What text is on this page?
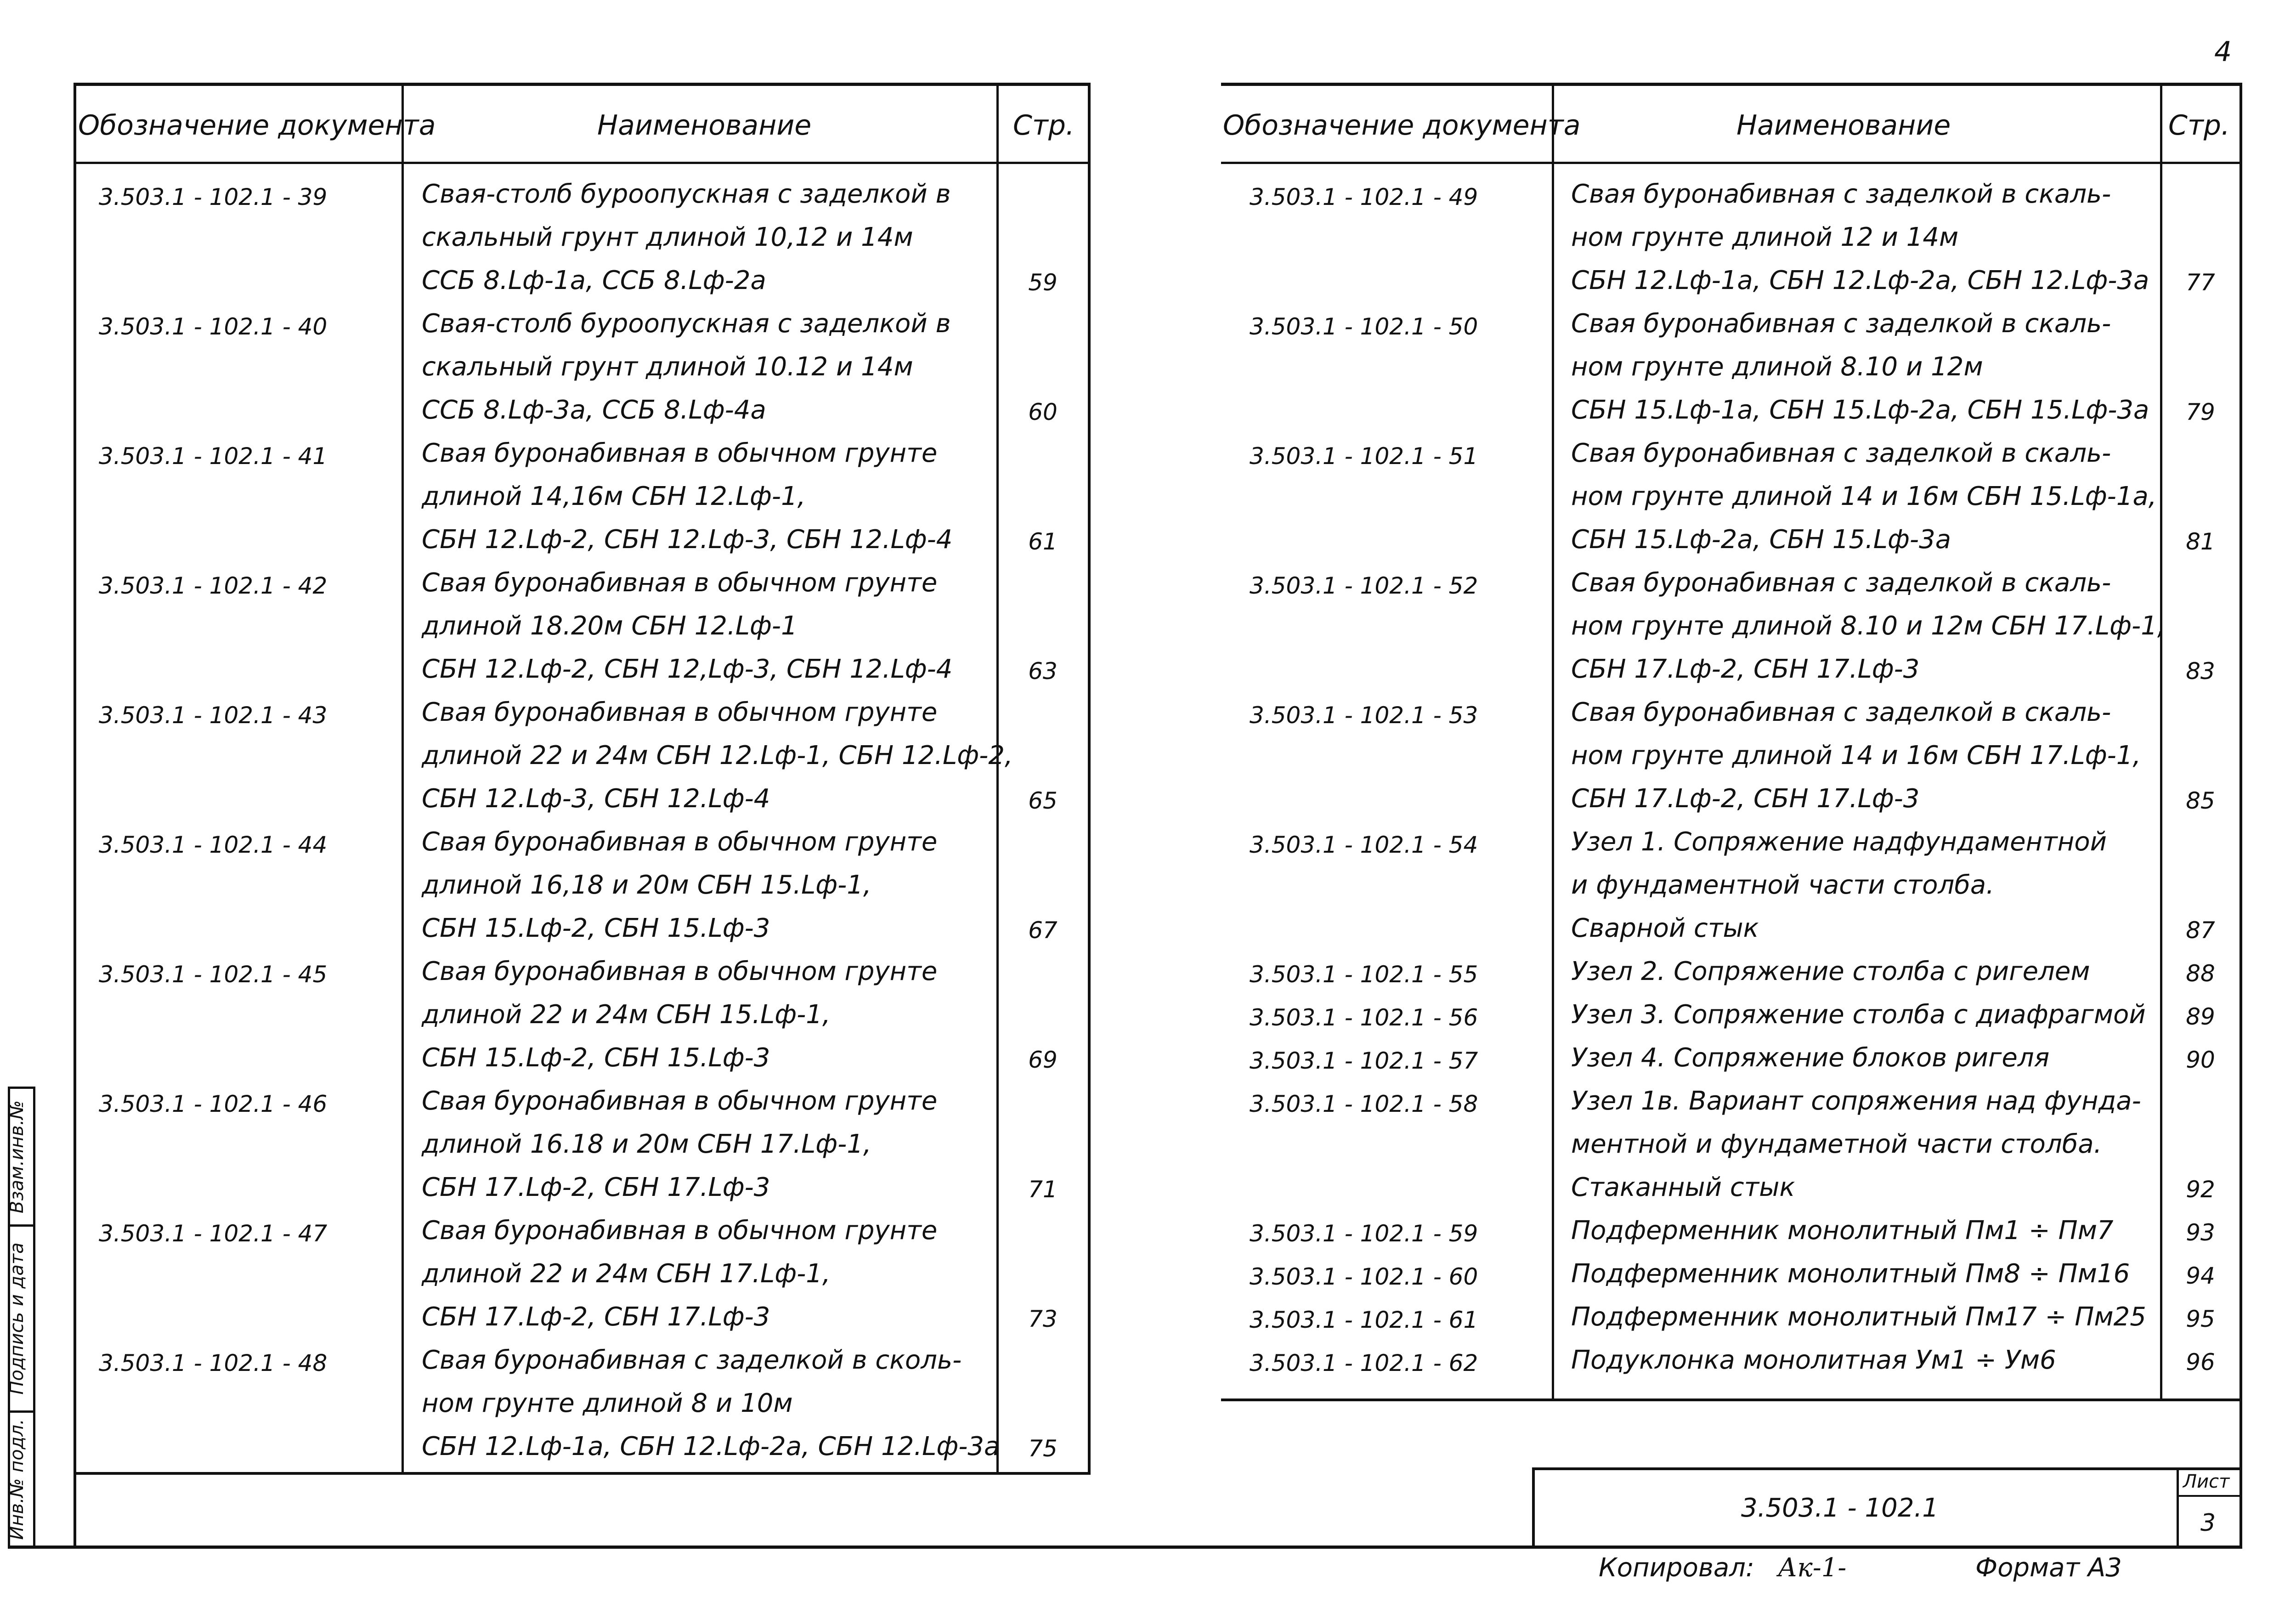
4
Обозначение документа	Наименование	Стр.
3.503.1 - 102.1 - 39	Свая-столб буроопускная с заделкой в
скальный грунт длиной 10,12 и 14м
ССБ 8.Lф-1а, ССБ 8.Lф-2а	59
3.503.1 - 102.1 - 40	Свая-столб буроопускная с заделкой в
скальный грунт длиной 10.12 и 14м
ССБ 8.Lф-3а, ССБ 8.Lф-4а	60
3.503.1 - 102.1 - 41	Свая буронабивная в обычном грунте
длиной 14,16м СБН 12.Lф-1,
СБН 12.Lф-2, СБН 12.Lф-3, СБН 12.Lф-4	61
3.503.1 - 102.1 - 42	Свая буронабивная в обычном грунте
длиной 18.20м СБН 12.Lф-1
СБН 12.Lф-2, СБН 12,Lф-3, СБН 12.Lф-4	63
3.503.1 - 102.1 - 43	Свая буронабивная в обычном грунте
длиной 22 и 24м СБН 12.Lф-1, СБН 12.Lф-2,
СБН 12.Lф-3, СБН 12.Lф-4	65
3.503.1 - 102.1 - 44	Свая буронабивная в обычном грунте
длиной 16,18 и 20м СБН 15.Lф-1,
СБН 15.Lф-2, СБН 15.Lф-3	67
3.503.1 - 102.1 - 45	Свая буронабивная в обычном грунте
длиной 22 и 24м СБН 15.Lф-1,
СБН 15.Lф-2, СБН 15.Lф-3	69
3.503.1 - 102.1 - 46	Свая буронабивная в обычном грунте
длиной 16.18 и 20м СБН 17.Lф-1,
СБН 17.Lф-2, СБН 17.Lф-3	71
3.503.1 - 102.1 - 47	Свая буронабивная в обычном грунте
длиной 22 и 24м СБН 17.Lф-1,
СБН 17.Lф-2, СБН 17.Lф-3	73
3.503.1 - 102.1 - 48	Свая буронабивная с заделкой в сколь-
ном грунте длиной 8 и 10м
СБН 12.Lф-1а, СБН 12.Lф-2а, СБН 12.Lф-3а	75
Обозначение документа	Наименование	Стр.
3.503.1 - 102.1 - 49	Свая буронабивная с заделкой в скаль-
ном грунте длиной 12 и 14м
СБН 12.Lф-1а, СБН 12.Lф-2а, СБН 12.Lф-3а	77
3.503.1 - 102.1 - 50	Свая буронабивная с заделкой в скаль-
ном грунте длиной 8.10 и 12м
СБН 15.Lф-1а, СБН 15.Lф-2а, СБН 15.Lф-3а	79
3.503.1 - 102.1 - 51	Свая буронабивная с заделкой в скаль-
ном грунте длиной 14 и 16м СБН 15.Lф-1а,
СБН 15.Lф-2а, СБН 15.Lф-3а	81
3.503.1 - 102.1 - 52	Свая буронабивная с заделкой в скаль-
ном грунте длиной 8.10 и 12м СБН 17.Lф-1,
СБН 17.Lф-2, СБН 17.Lф-3	83
3.503.1 - 102.1 - 53	Свая буронабивная с заделкой в скаль-
ном грунте длиной 14 и 16м СБН 17.Lф-1,
СБН 17.Lф-2, СБН 17.Lф-3	85
3.503.1 - 102.1 - 54	Узел 1. Сопряжение надфундаментной
и фундаментной части столба.
Сварной стык	87
3.503.1 - 102.1 - 55	Узел 2. Сопряжение столба с ригелем	88
3.503.1 - 102.1 - 56	Узел 3. Сопряжение столба с диафрагмой	89
3.503.1 - 102.1 - 57	Узел 4. Сопряжение блоков ригеля	90
3.503.1 - 102.1 - 58	Узел 1в. Вариант сопряжения над фунда-
ментной и фундаметной части столба.
Стаканный стык	92
3.503.1 - 102.1 - 59	Подферменник монолитный Пм1 ÷ Пм7	93
3.503.1 - 102.1 - 60	Подферменник монолитный Пм8 ÷ Пм16	94
3.503.1 - 102.1 - 61	Подферменник монолитный Пм17 ÷ Пм25	95
3.503.1 - 102.1 - 62	Подуклонка монолитная Ум1 ÷ Ум6	96
3.503.1 - 102.1
Лист
3
Взам.инв.№
Подпись и дата
Инв.№ подл.
Копировал: Ак-1-	Формат А3
